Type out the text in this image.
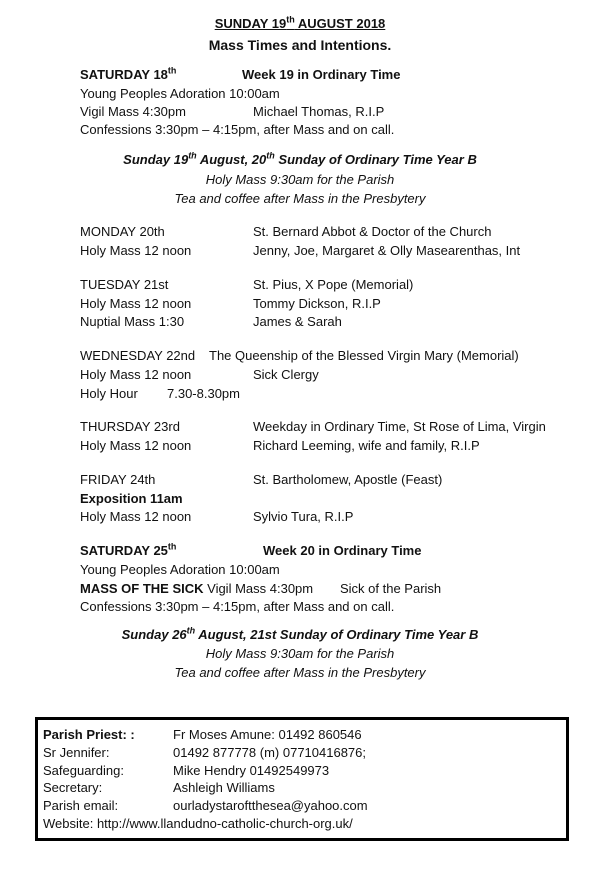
SUNDAY 19th AUGUST 2018
Mass Times and Intentions.
SATURDAY 18th	Week 19 in Ordinary Time
Young Peoples Adoration 10:00am
Vigil Mass 4:30pm	Michael Thomas, R.I.P
Confessions 3:30pm – 4:15pm, after Mass and on call.
Sunday 19th August, 20th Sunday of Ordinary Time Year B
Holy Mass 9:30am for the Parish
Tea and coffee after Mass in the Presbytery
MONDAY 20th	St. Bernard Abbot & Doctor of the Church
Holy Mass 12 noon	Jenny, Joe, Margaret & Olly Masearenthas, Int
TUESDAY 21st	St. Pius, X Pope (Memorial)
Holy Mass 12 noon	Tommy Dickson, R.I.P
Nuptial Mass 1:30	James & Sarah
WEDNESDAY 22nd The Queenship of the Blessed Virgin Mary (Memorial)
Holy Mass 12 noon	Sick Clergy
Holy Hour 7.30-8.30pm
THURSDAY 23rd	Weekday in Ordinary Time, St Rose of Lima, Virgin
Holy Mass 12 noon	Richard Leeming, wife and family, R.I.P
FRIDAY 24th	St. Bartholomew, Apostle (Feast)
Exposition 11am
Holy Mass 12 noon	Sylvio Tura, R.I.P
SATURDAY 25th	Week 20 in Ordinary Time
Young Peoples Adoration 10:00am
MASS OF THE SICK Vigil Mass 4:30pm Sick of the Parish
Confessions 3:30pm – 4:15pm, after Mass and on call.
Sunday 26th August, 21st Sunday of Ordinary Time Year B
Holy Mass 9:30am for the Parish
Tea and coffee after Mass in the Presbytery
Parish Priest: :	Fr Moses Amune: 01492 860546
Sr Jennifer:	01492 877778 (m) 07710416876;
Safeguarding:	Mike Hendry 01492549973
Secretary:	Ashleigh Williams
Parish email:	ourladystaroftthesea@yahoo.com
Website: http://www.llandudno-catholic-church-org.uk/
